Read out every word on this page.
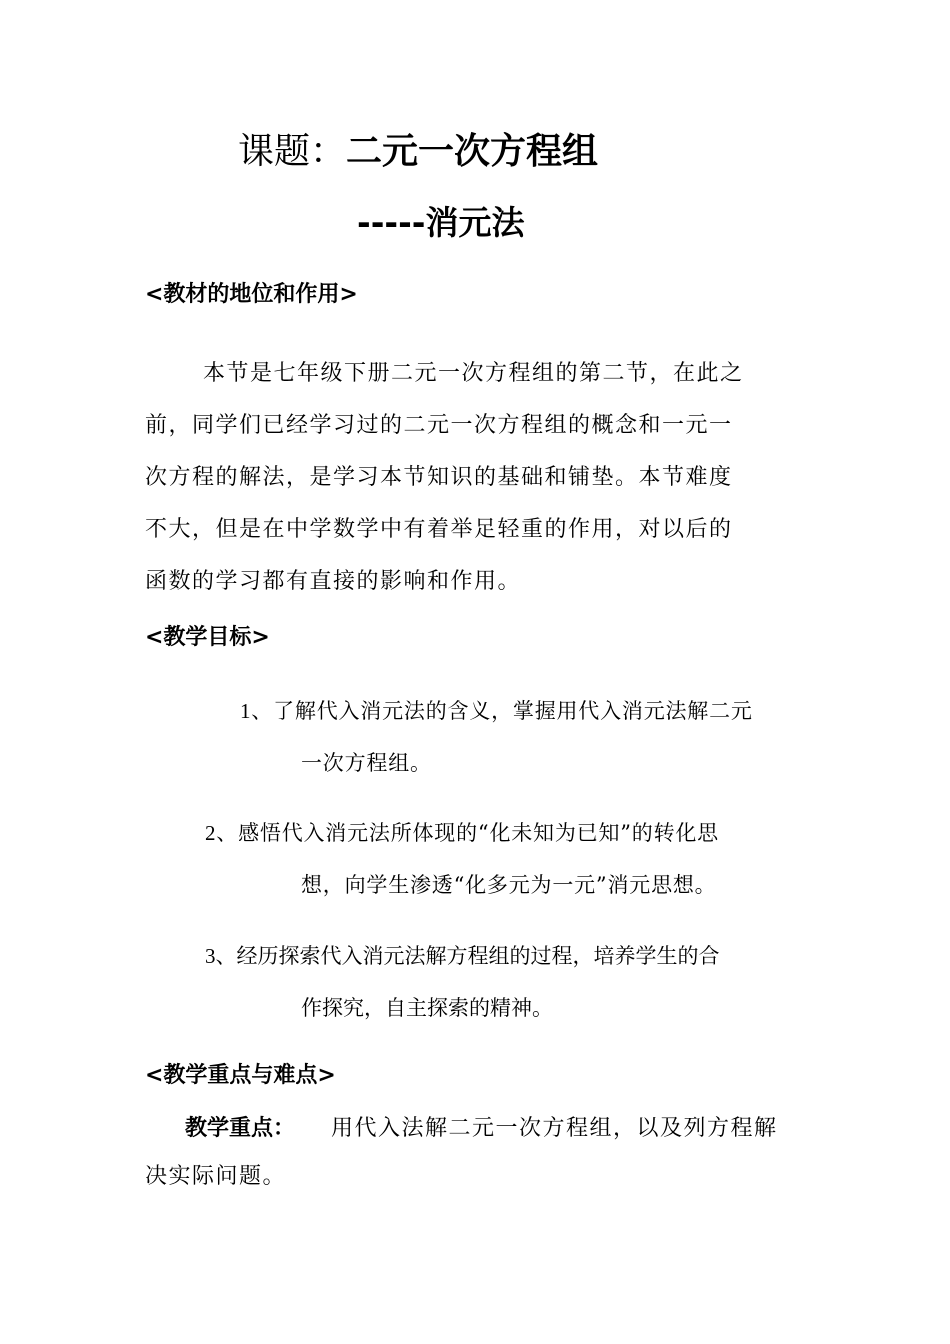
课题：二元一次方程组
-----消元法
<教材的地位和作用>
本节是七年级下册二元一次方程组的第二节，在此之
前，同学们已经学习过的二元一次方程组的概念和一元一
次方程的解法，是学习本节知识的基础和铺垫。本节难度
不大，但是在中学数学中有着举足轻重的作用，对以后的
函数的学习都有直接的影响和作用。
<教学目标>
1、了解代入消元法的含义，掌握用代入消元法解二元
一次方程组。
2、感悟代入消元法所体现的“化未知为已知”的转化思
想，向学生渗透“化多元为一元”消元思想。
3、经历探索代入消元法解方程组的过程，培养学生的合
作探究，自主探索的精神。
<教学重点与难点>
教学重点： 用代入法解二元一次方程组，以及列方程解
决实际问题。
